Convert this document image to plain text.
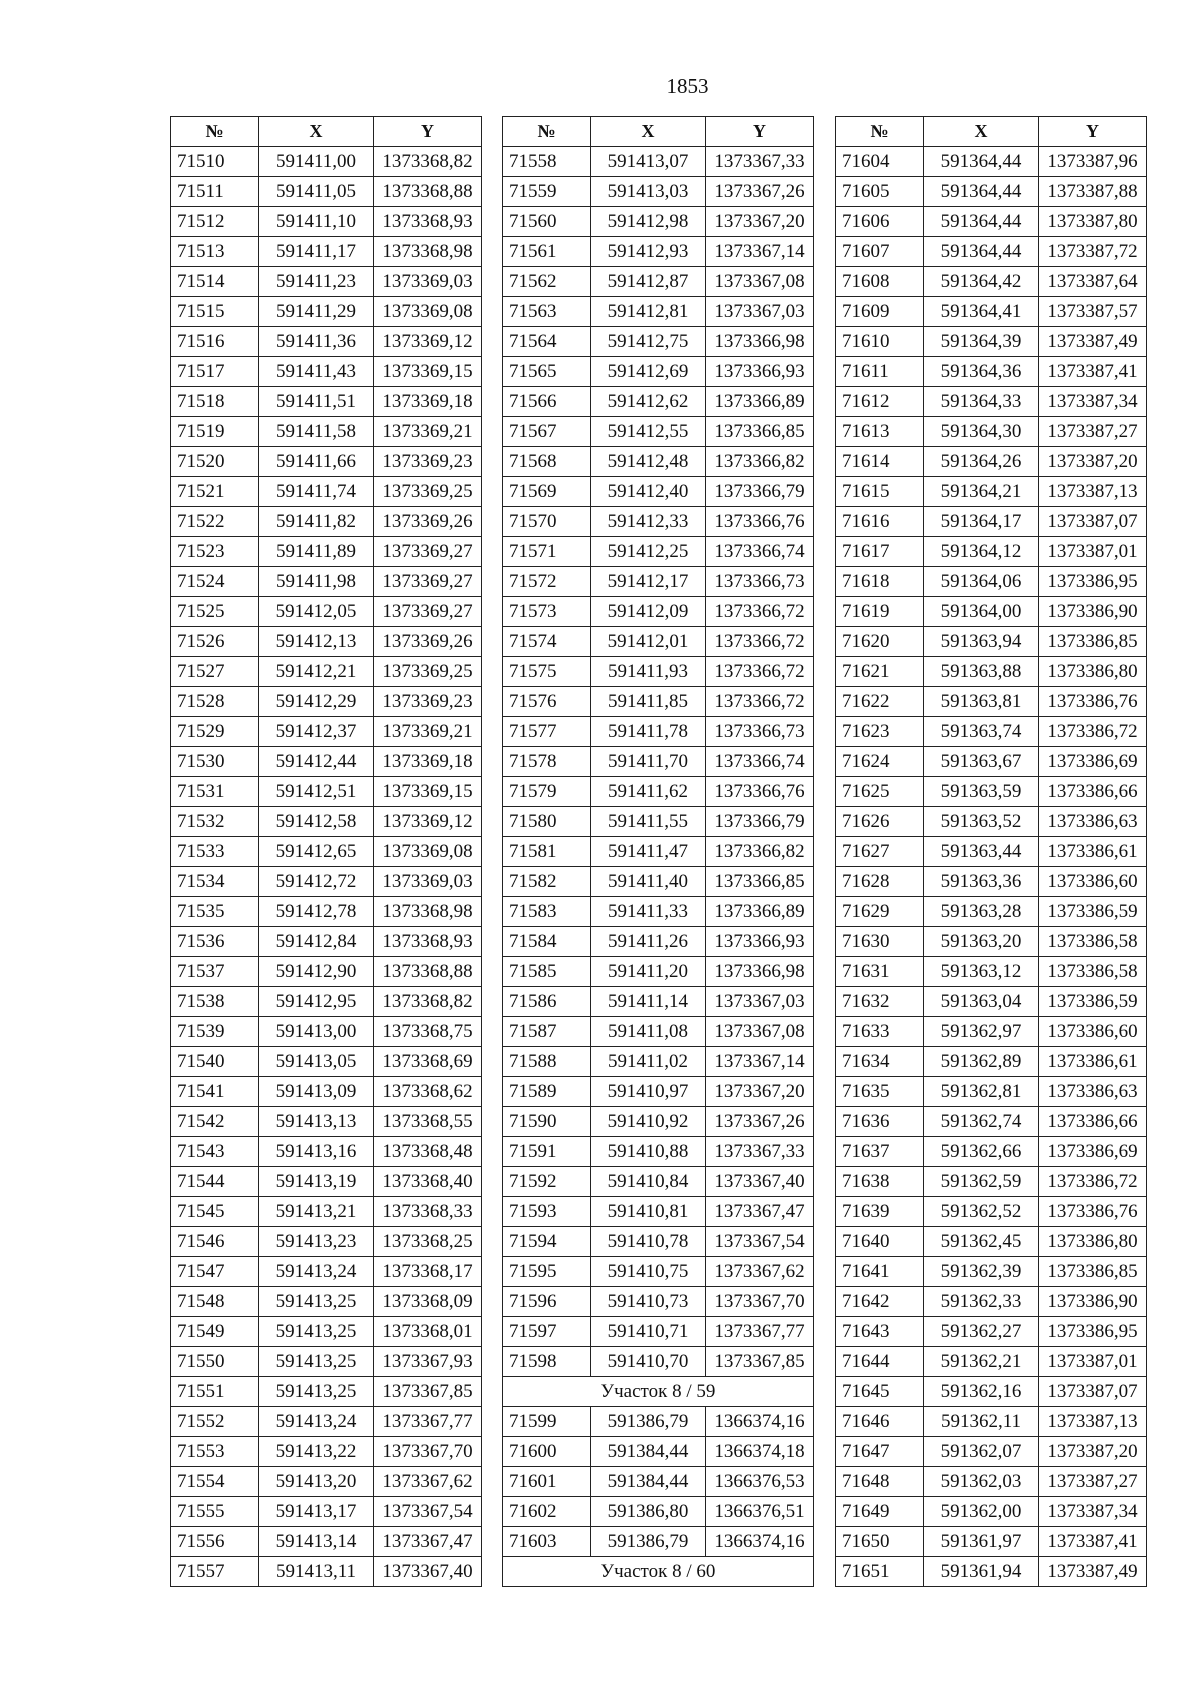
1853
№	X	Y
71510	591411,00	1373368,82
71511	591411,05	1373368,88
71512	591411,10	1373368,93
71513	591411,17	1373368,98
71514	591411,23	1373369,03
71515	591411,29	1373369,08
71516	591411,36	1373369,12
71517	591411,43	1373369,15
71518	591411,51	1373369,18
71519	591411,58	1373369,21
71520	591411,66	1373369,23
71521	591411,74	1373369,25
71522	591411,82	1373369,26
71523	591411,89	1373369,27
71524	591411,98	1373369,27
71525	591412,05	1373369,27
71526	591412,13	1373369,26
71527	591412,21	1373369,25
71528	591412,29	1373369,23
71529	591412,37	1373369,21
71530	591412,44	1373369,18
71531	591412,51	1373369,15
71532	591412,58	1373369,12
71533	591412,65	1373369,08
71534	591412,72	1373369,03
71535	591412,78	1373368,98
71536	591412,84	1373368,93
71537	591412,90	1373368,88
71538	591412,95	1373368,82
71539	591413,00	1373368,75
71540	591413,05	1373368,69
71541	591413,09	1373368,62
71542	591413,13	1373368,55
71543	591413,16	1373368,48
71544	591413,19	1373368,40
71545	591413,21	1373368,33
71546	591413,23	1373368,25
71547	591413,24	1373368,17
71548	591413,25	1373368,09
71549	591413,25	1373368,01
71550	591413,25	1373367,93
71551	591413,25	1373367,85
71552	591413,24	1373367,77
71553	591413,22	1373367,70
71554	591413,20	1373367,62
71555	591413,17	1373367,54
71556	591413,14	1373367,47
71557	591413,11	1373367,40
№	X	Y
71558	591413,07	1373367,33
71559	591413,03	1373367,26
71560	591412,98	1373367,20
71561	591412,93	1373367,14
71562	591412,87	1373367,08
71563	591412,81	1373367,03
71564	591412,75	1373366,98
71565	591412,69	1373366,93
71566	591412,62	1373366,89
71567	591412,55	1373366,85
71568	591412,48	1373366,82
71569	591412,40	1373366,79
71570	591412,33	1373366,76
71571	591412,25	1373366,74
71572	591412,17	1373366,73
71573	591412,09	1373366,72
71574	591412,01	1373366,72
71575	591411,93	1373366,72
71576	591411,85	1373366,72
71577	591411,78	1373366,73
71578	591411,70	1373366,74
71579	591411,62	1373366,76
71580	591411,55	1373366,79
71581	591411,47	1373366,82
71582	591411,40	1373366,85
71583	591411,33	1373366,89
71584	591411,26	1373366,93
71585	591411,20	1373366,98
71586	591411,14	1373367,03
71587	591411,08	1373367,08
71588	591411,02	1373367,14
71589	591410,97	1373367,20
71590	591410,92	1373367,26
71591	591410,88	1373367,33
71592	591410,84	1373367,40
71593	591410,81	1373367,47
71594	591410,78	1373367,54
71595	591410,75	1373367,62
71596	591410,73	1373367,70
71597	591410,71	1373367,77
71598	591410,70	1373367,85
Участок 8 / 59		
71599	591386,79	1366374,16
71600	591384,44	1366374,18
71601	591384,44	1366376,53
71602	591386,80	1366376,51
71603	591386,79	1366374,16
Участок 8 / 60		
№	X	Y
71604	591364,44	1373387,96
71605	591364,44	1373387,88
71606	591364,44	1373387,80
71607	591364,44	1373387,72
71608	591364,42	1373387,64
71609	591364,41	1373387,57
71610	591364,39	1373387,49
71611	591364,36	1373387,41
71612	591364,33	1373387,34
71613	591364,30	1373387,27
71614	591364,26	1373387,20
71615	591364,21	1373387,13
71616	591364,17	1373387,07
71617	591364,12	1373387,01
71618	591364,06	1373386,95
71619	591364,00	1373386,90
71620	591363,94	1373386,85
71621	591363,88	1373386,80
71622	591363,81	1373386,76
71623	591363,74	1373386,72
71624	591363,67	1373386,69
71625	591363,59	1373386,66
71626	591363,52	1373386,63
71627	591363,44	1373386,61
71628	591363,36	1373386,60
71629	591363,28	1373386,59
71630	591363,20	1373386,58
71631	591363,12	1373386,58
71632	591363,04	1373386,59
71633	591362,97	1373386,60
71634	591362,89	1373386,61
71635	591362,81	1373386,63
71636	591362,74	1373386,66
71637	591362,66	1373386,69
71638	591362,59	1373386,72
71639	591362,52	1373386,76
71640	591362,45	1373386,80
71641	591362,39	1373386,85
71642	591362,33	1373386,90
71643	591362,27	1373386,95
71644	591362,21	1373387,01
71645	591362,16	1373387,07
71646	591362,11	1373387,13
71647	591362,07	1373387,20
71648	591362,03	1373387,27
71649	591362,00	1373387,34
71650	591361,97	1373387,41
71651	591361,94	1373387,49
